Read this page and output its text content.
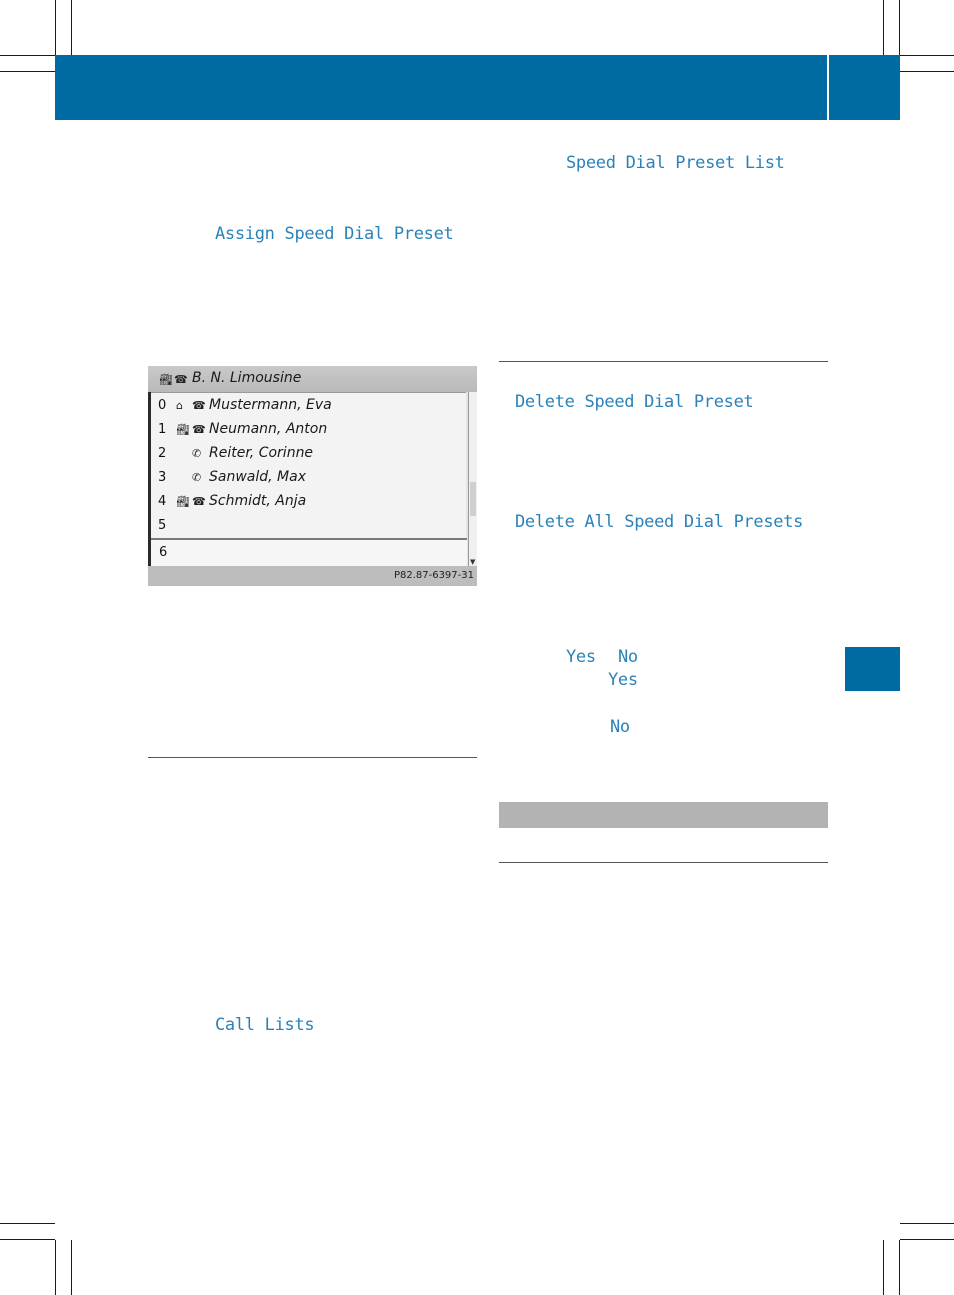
Assign Speed Dial Preset
🏭︎ ☎ B. N. Limousine
0 ⌂ ☎ Mustermann, Eva
1 🏭︎ ☎ Neumann, Anton
2 ✆ Reiter, Corinne
3 ✆ Sanwald, Max
4 🏭︎ ☎ Schmidt, Anja
5
6
▼
P82.87-6397-31
Call Lists
Speed Dial Preset List
Delete Speed Dial Preset
Delete All Speed Dial Presets
Yes No
Yes
No
